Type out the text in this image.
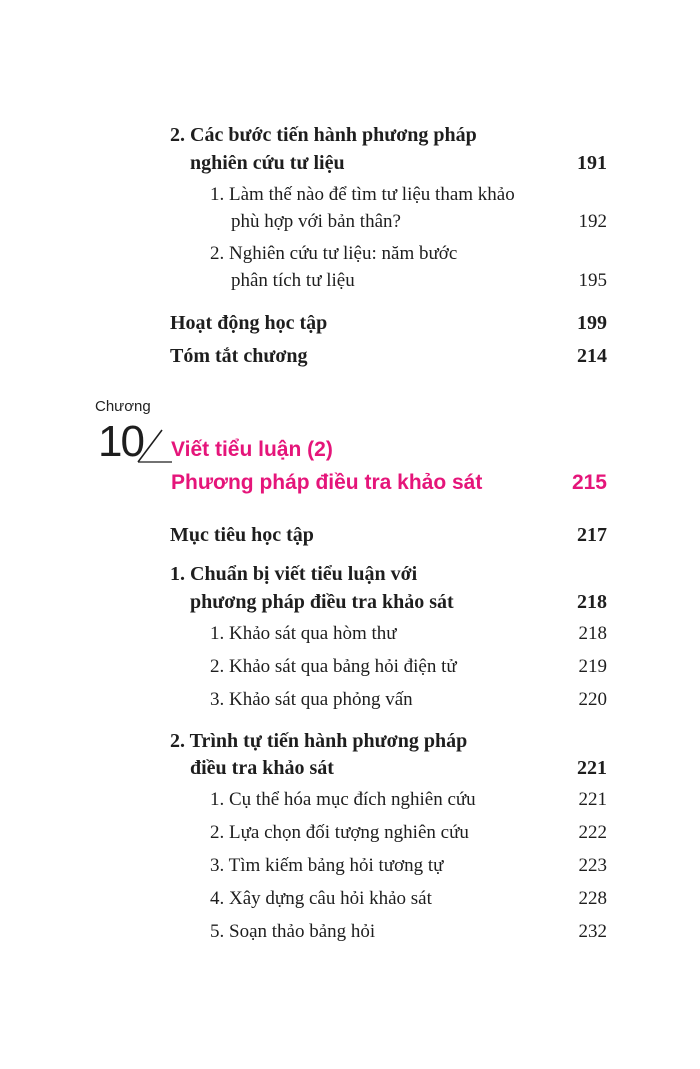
2. Các bước tiến hành phương pháp
nghiên cứu tư liệu	191
1. Làm thế nào để tìm tư liệu tham khảo
phù hợp với bản thân?	192
2. Nghiên cứu tư liệu: năm bước
phân tích tư liệu	195
Hoạt động học tập	199
Tóm tắt chương	214
Chương
10 Viết tiểu luận (2)
Phương pháp điều tra khảo sát	215
Mục tiêu học tập	217
1. Chuẩn bị viết tiểu luận với
phương pháp điều tra khảo sát	218
1. Khảo sát qua hòm thư	218
2. Khảo sát qua bảng hỏi điện tử	219
3. Khảo sát qua phỏng vấn	220
2. Trình tự tiến hành phương pháp
điều tra khảo sát	221
1. Cụ thể hóa mục đích nghiên cứu	221
2. Lựa chọn đối tượng nghiên cứu	222
3. Tìm kiếm bảng hỏi tương tự	223
4. Xây dựng câu hỏi khảo sát	228
5. Soạn thảo bảng hỏi	232
